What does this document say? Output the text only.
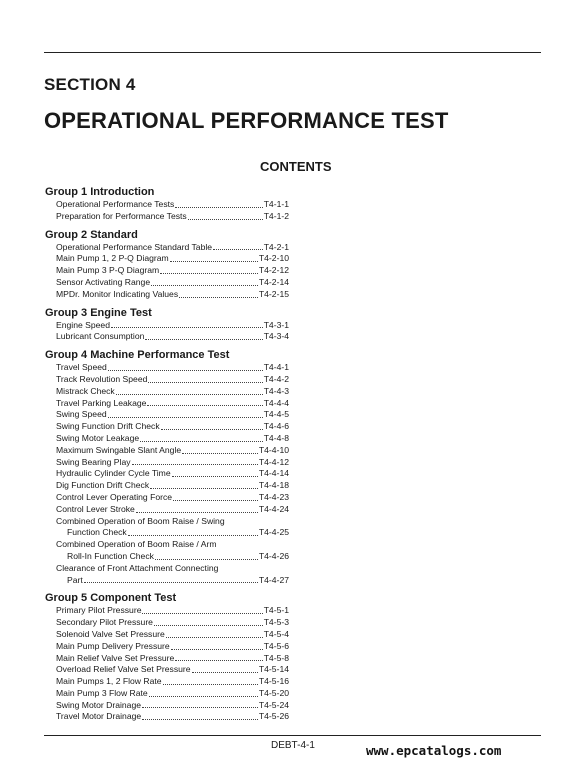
SECTION 4
OPERATIONAL PERFORMANCE TEST
CONTENTS
Group 1 Introduction
Operational Performance Tests	T4-1-1
Preparation for Performance Tests	T4-1-2
Group 2 Standard
Operational Performance Standard Table	T4-2-1
Main Pump 1, 2 P-Q Diagram	T4-2-10
Main Pump 3 P-Q Diagram	T4-2-12
Sensor Activating Range	T4-2-14
MPDr. Monitor Indicating Values	T4-2-15
Group 3 Engine Test
Engine Speed	T4-3-1
Lubricant Consumption	T4-3-4
Group 4 Machine Performance Test
Travel Speed	T4-4-1
Track Revolution Speed	T4-4-2
Mistrack Check	T4-4-3
Travel Parking Leakage	T4-4-4
Swing Speed	T4-4-5
Swing Function Drift Check	T4-4-6
Swing Motor Leakage	T4-4-8
Maximum Swingable Slant Angle	T4-4-10
Swing Bearing Play	T4-4-12
Hydraulic Cylinder Cycle Time	T4-4-14
Dig Function Drift Check	T4-4-18
Control Lever Operating Force	T4-4-23
Control Lever Stroke	T4-4-24
Combined Operation of Boom Raise / Swing
Function Check	T4-4-25
Combined Operation of Boom Raise / Arm
Roll-In Function Check	T4-4-26
Clearance of Front Attachment Connecting
Part	T4-4-27
Group 5 Component Test
Primary Pilot Pressure	T4-5-1
Secondary Pilot Pressure	T4-5-3
Solenoid Valve Set Pressure	T4-5-4
Main Pump Delivery Pressure	T4-5-6
Main Relief Valve Set Pressure	T4-5-8
Overload Relief Valve Set Pressure	T4-5-14
Main Pumps 1, 2 Flow Rate	T4-5-16
Main Pump 3 Flow Rate	T4-5-20
Swing Motor Drainage	T4-5-24
Travel Motor Drainage	T4-5-26
DEBT-4-1	www.epcatalogs.com
